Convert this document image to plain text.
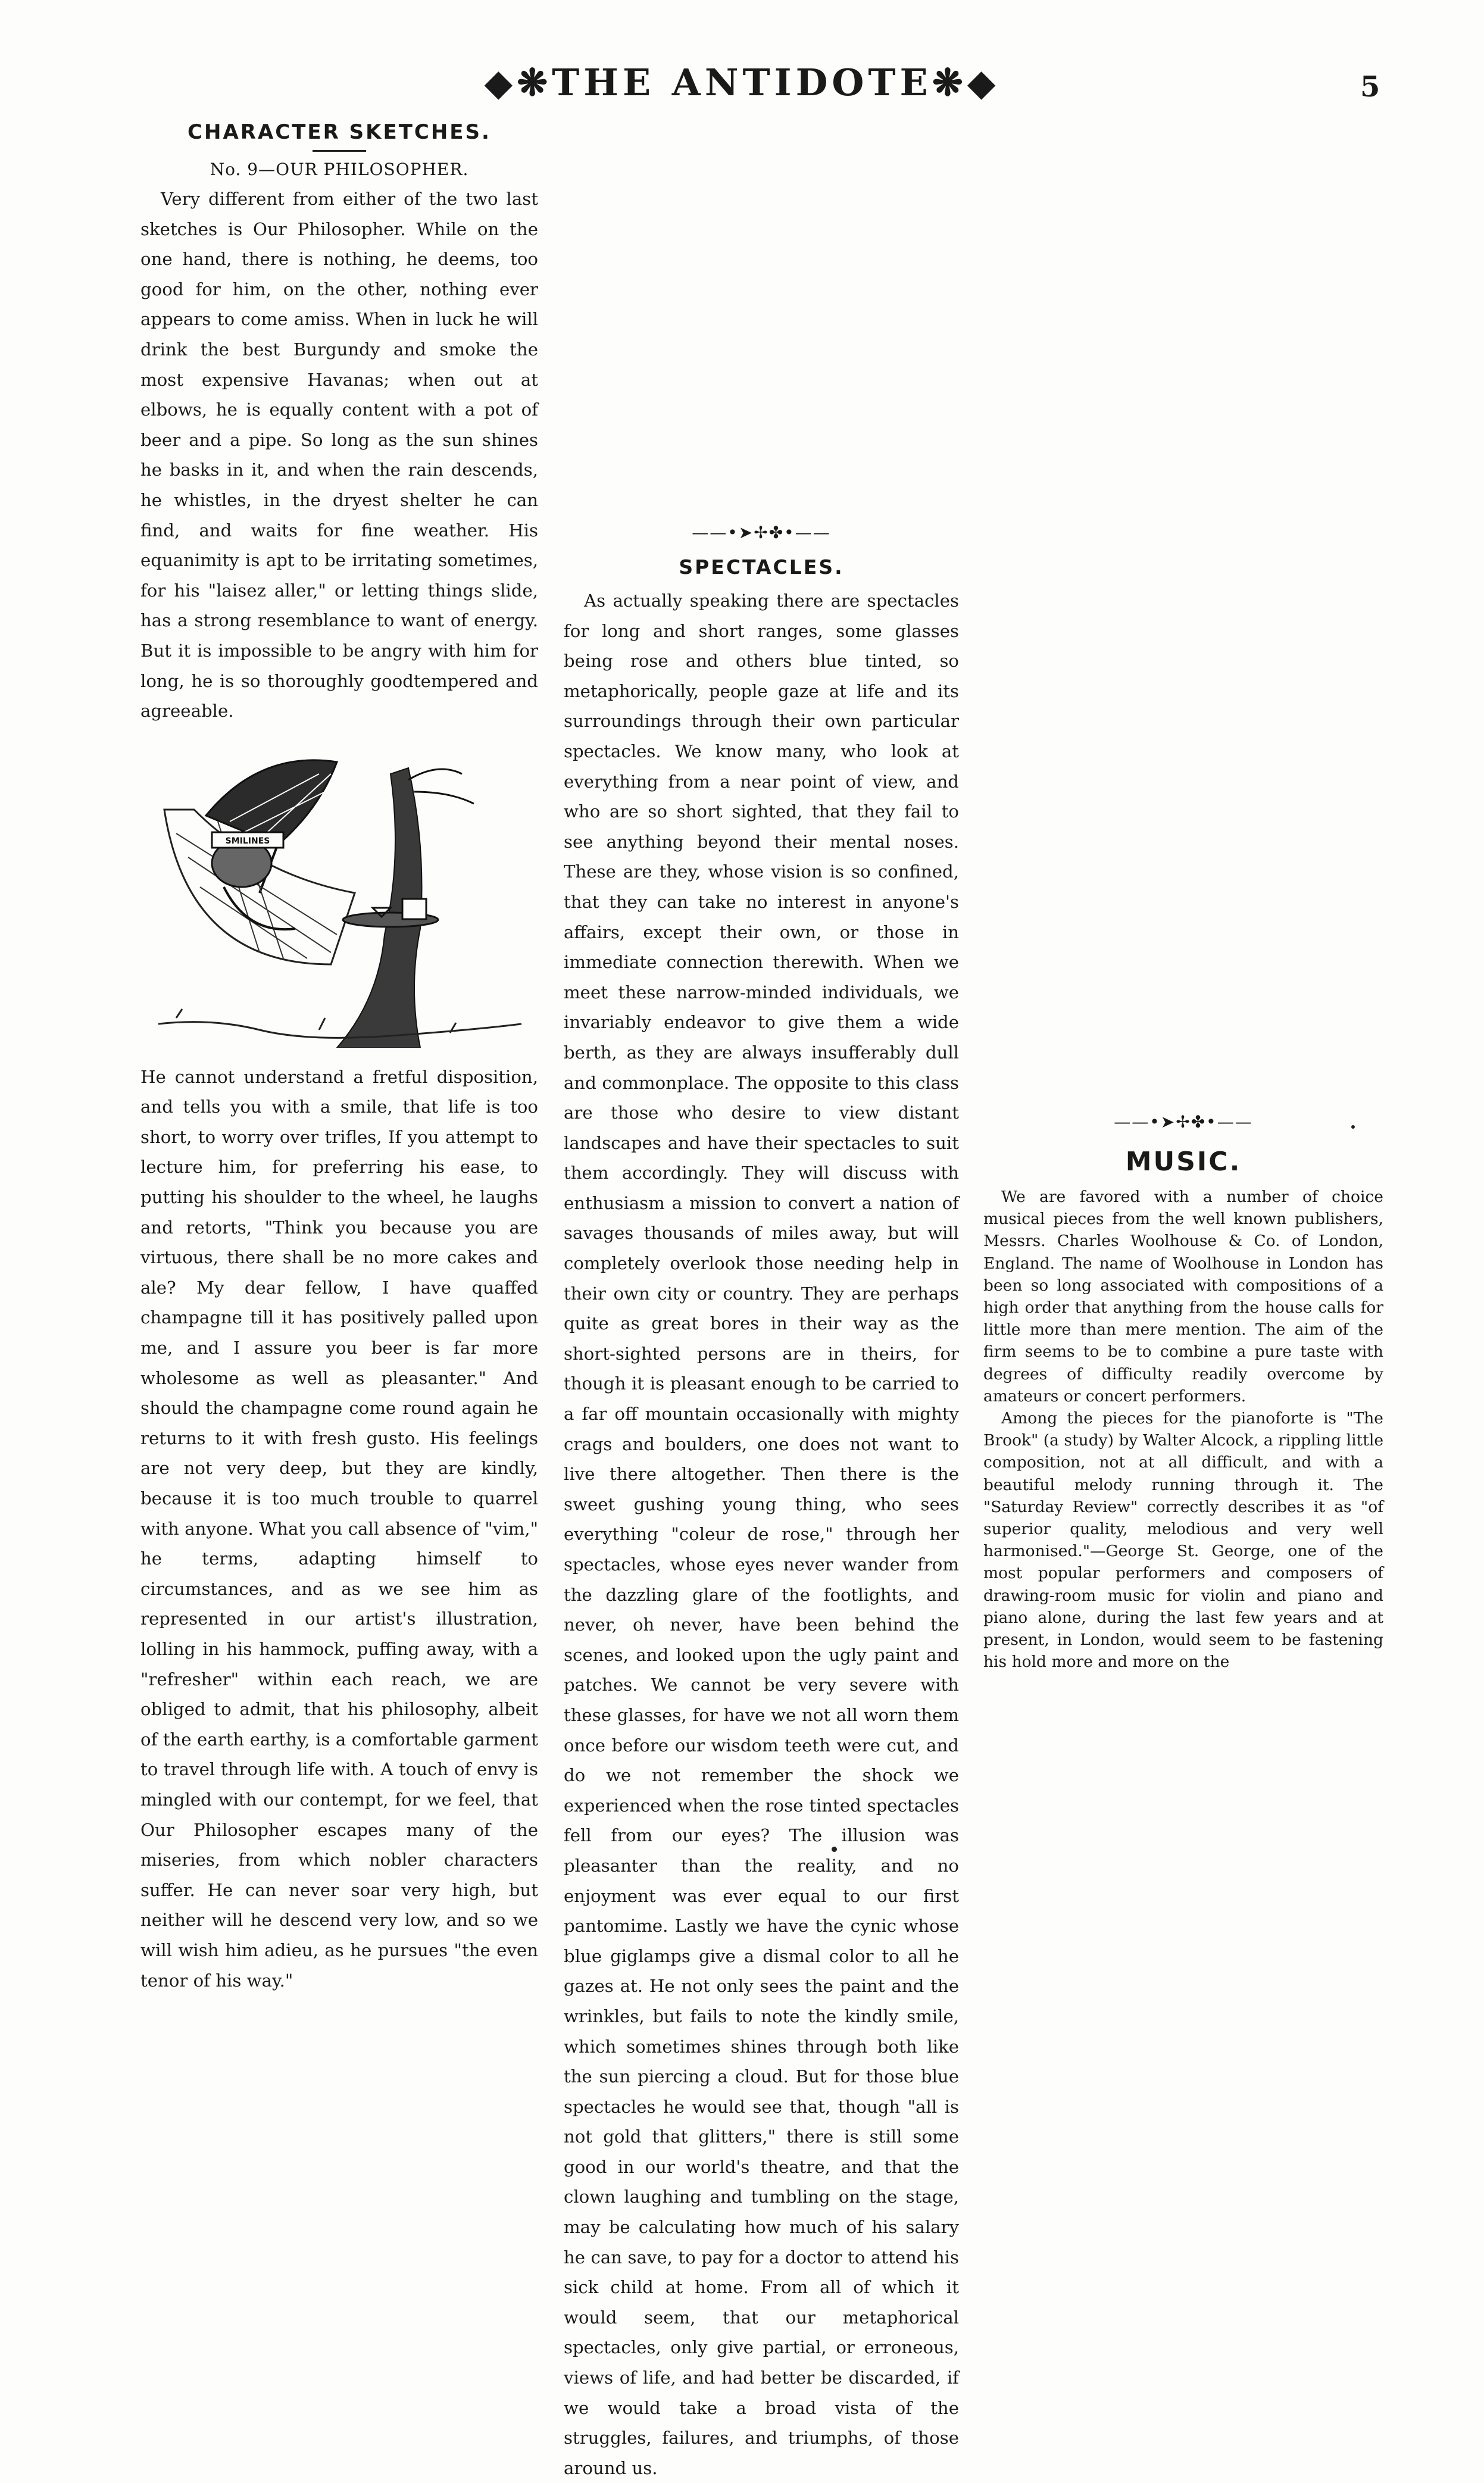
◆❋THE ANTIDOTE❋◆	5
CHARACTER SKETCHES.
No. 9—OUR PHILOSOPHER.

Very different from either of the two last sketches is Our Philosopher. While on the one hand, there is nothing, he deems, too good for him, on the other, nothing ever appears to come amiss. When in luck he will drink the best Burgundy and smoke the most expensive Havanas; when out at elbows, he is equally content with a pot of beer and a pipe. So long as the sun shines he basks in it, and when the rain descends, he whistles, in the dryest shelter he can find, and waits for fine weather. His equanimity is apt to be irritating sometimes, for his "laisez aller," or letting things slide, has a strong resemblance to want of energy. But it is impossible to be angry with him for long, he is so thoroughly goodtempered and agreeable.

SMILINES

He cannot understand a fretful disposition, and tells you with a smile, that life is too short, to worry over trifles, If you attempt to lecture him, for preferring his ease, to putting his shoulder to the wheel, he laughs and retorts, "Think you because you are virtuous, there shall be no more cakes and ale? My dear fellow, I have quaffed champagne till it has positively palled upon me, and I assure you beer is far more wholesome as well as pleasanter." And should the champagne come round again he returns to it with fresh gusto. His feelings are not very deep, but they are kindly, because it is too much trouble to quarrel with anyone. What you call absence of "vim," he terms, adapting himself to circumstances, and as we see him as represented in our artist's illustration, lolling in his hammock, puffing away, with a "refresher" within each reach, we are obliged to admit, that his philosophy, albeit of the earth earthy, is a comfortable garment to travel through life with. A touch of envy is mingled with our contempt, for we feel, that Our Philosopher escapes many of the miseries, from which nobler characters suffer. He can never soar very high, but neither will he descend very low, and so we will wish him adieu, as he pursues "the even tenor of his way."

——•➤✢✤•——
SPECTACLES.

As actually speaking there are spectacles for long and short ranges, some glasses being rose and others blue tinted, so metaphorically, people gaze at life and its surroundings through their own particular spectacles. We know many, who look at everything from a near point of view, and who are so short sighted, that they fail to see anything beyond their mental noses. These are they, whose vision is so confined, that they can take no interest in anyone's affairs, except their own, or those in immediate connection therewith. When we meet these narrow-minded individuals, we invariably endeavor to give them a wide berth, as they are always insufferably dull and commonplace. The opposite to this class are those who desire to view distant landscapes and have their spectacles to suit them accordingly. They will discuss with enthusiasm a mission to convert a nation of savages thousands of miles away, but will completely overlook those needing help in their own city or country. They are perhaps quite as great bores in their way as the short-sighted persons are in theirs, for though it is pleasant enough to be carried to a far off mountain occasionally with mighty crags and boulders, one does not want to live there altogether. Then there is the sweet gushing young thing, who sees everything "coleur de rose," through her spectacles, whose eyes never wander from the dazzling glare of the footlights, and never, oh never, have been behind the scenes, and looked upon the ugly paint and patches. We cannot be very severe with these glasses, for have we not all worn them once before our wisdom teeth were cut, and do we not remember the shock we experienced when the rose tinted spectacles fell from our eyes? The illusion was pleasanter than the reality, and no enjoyment was ever equal to our first pantomime. Lastly we have the cynic whose blue giglamps give a dismal color to all he gazes at. He not only sees the paint and the wrinkles, but fails to note the kindly smile, which sometimes shines through both like the sun piercing a cloud. But for those blue spectacles he would see that, though "all is not gold that glitters," there is still some good in our world's theatre, and that the clown laughing and tumbling on the stage, may be calculating how much of his salary he can save, to pay for a doctor to attend his sick child at home. From all of which it would seem, that our metaphorical spectacles, only give partial, or erroneous, views of life, and had better be discarded, if we would take a broad vista of the struggles, failures, and triumphs, of those around us.

——•➤✢✤•——
MUSIC.

We are favored with a number of choice musical pieces from the well known publishers, Messrs. Charles Woolhouse & Co. of London, England. The name of Woolhouse in London has been so long associated with compositions of a high order that anything from the house calls for little more than mere mention. The aim of the firm seems to be to combine a pure taste with degrees of difficulty readily overcome by amateurs or concert performers.

Among the pieces for the pianoforte is "The Brook" (a study) by Walter Alcock, a rippling little composition, not at all difficult, and with a beautiful melody running through it. The "Saturday Review" correctly describes it as "of superior quality, melodious and very well harmonised."—George St. George, one of the most popular performers and composers of drawing-room music for violin and piano and piano alone, during the last few years and at present, in London, would seem to be fastening his hold more and more on the
